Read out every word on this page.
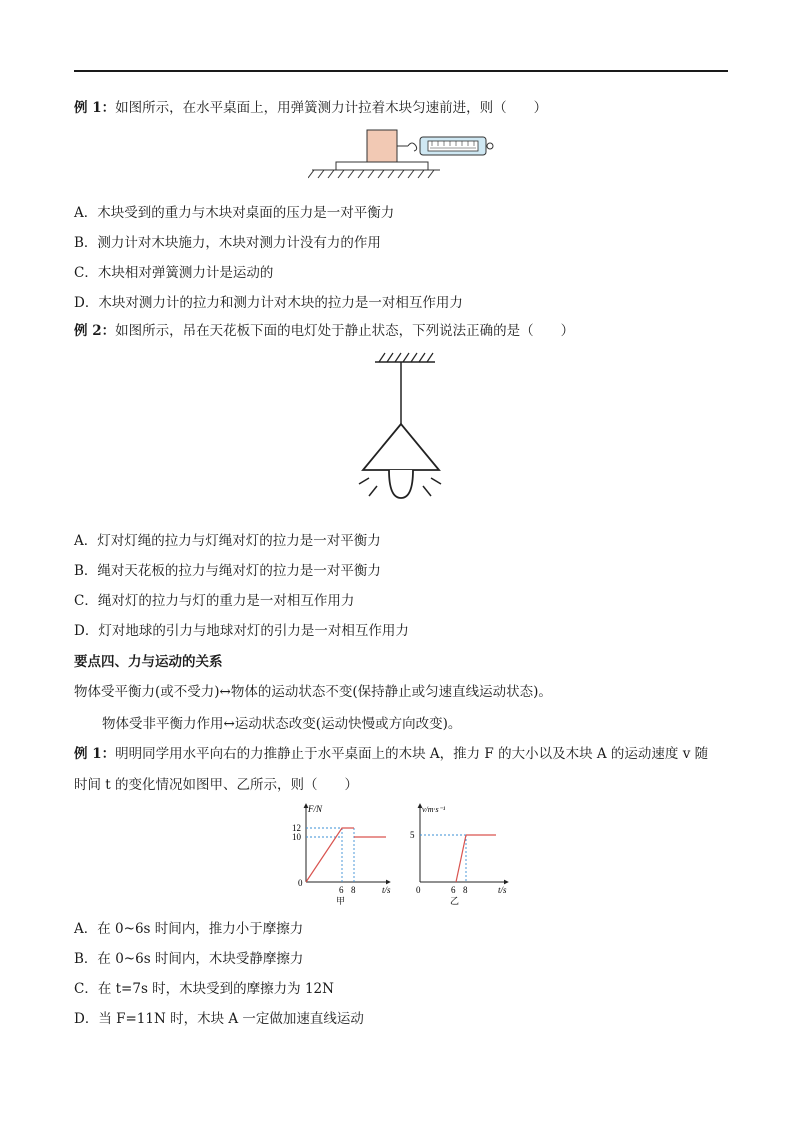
例 1：如图所示，在水平桌面上，用弹簧测力计拉着木块匀速前进，则（　　）
A．木块受到的重力与木块对桌面的压力是一对平衡力
B．测力计对木块施力，木块对测力计没有力的作用
C．木块相对弹簧测力计是运动的
D．木块对测力计的拉力和测力计对木块的拉力是一对相互作用力
例 2：如图所示，吊在天花板下面的电灯处于静止状态，下列说法正确的是（　　）
A．灯对灯绳的拉力与灯绳对灯的拉力是一对平衡力
B．绳对天花板的拉力与绳对灯的拉力是一对平衡力
C．绳对灯的拉力与灯的重力是一对相互作用力
D．灯对地球的引力与地球对灯的引力是一对相互作用力
要点四、力与运动的关系
物体受平衡力(或不受力)↔物体的运动状态不变(保持静止或匀速直线运动状态)。
物体受非平衡力作用↔运动状态改变(运动快慢或方向改变)。
例 1：明明同学用水平向右的力推静止于水平桌面上的木块 A，推力 F 的大小以及木块 A 的运动速度 v 随
时间 t 的变化情况如图甲、乙所示，则（　　）
F/N
12
10
0
6 8	t/s
甲
v/m·s⁻¹
5
0	6 8	t/s
乙
A．在 0~6s 时间内，推力小于摩擦力
B．在 0~6s 时间内，木块受静摩擦力
C．在 t=7s 时，木块受到的摩擦力为 12N
D．当 F=11N 时，木块 A 一定做加速直线运动
